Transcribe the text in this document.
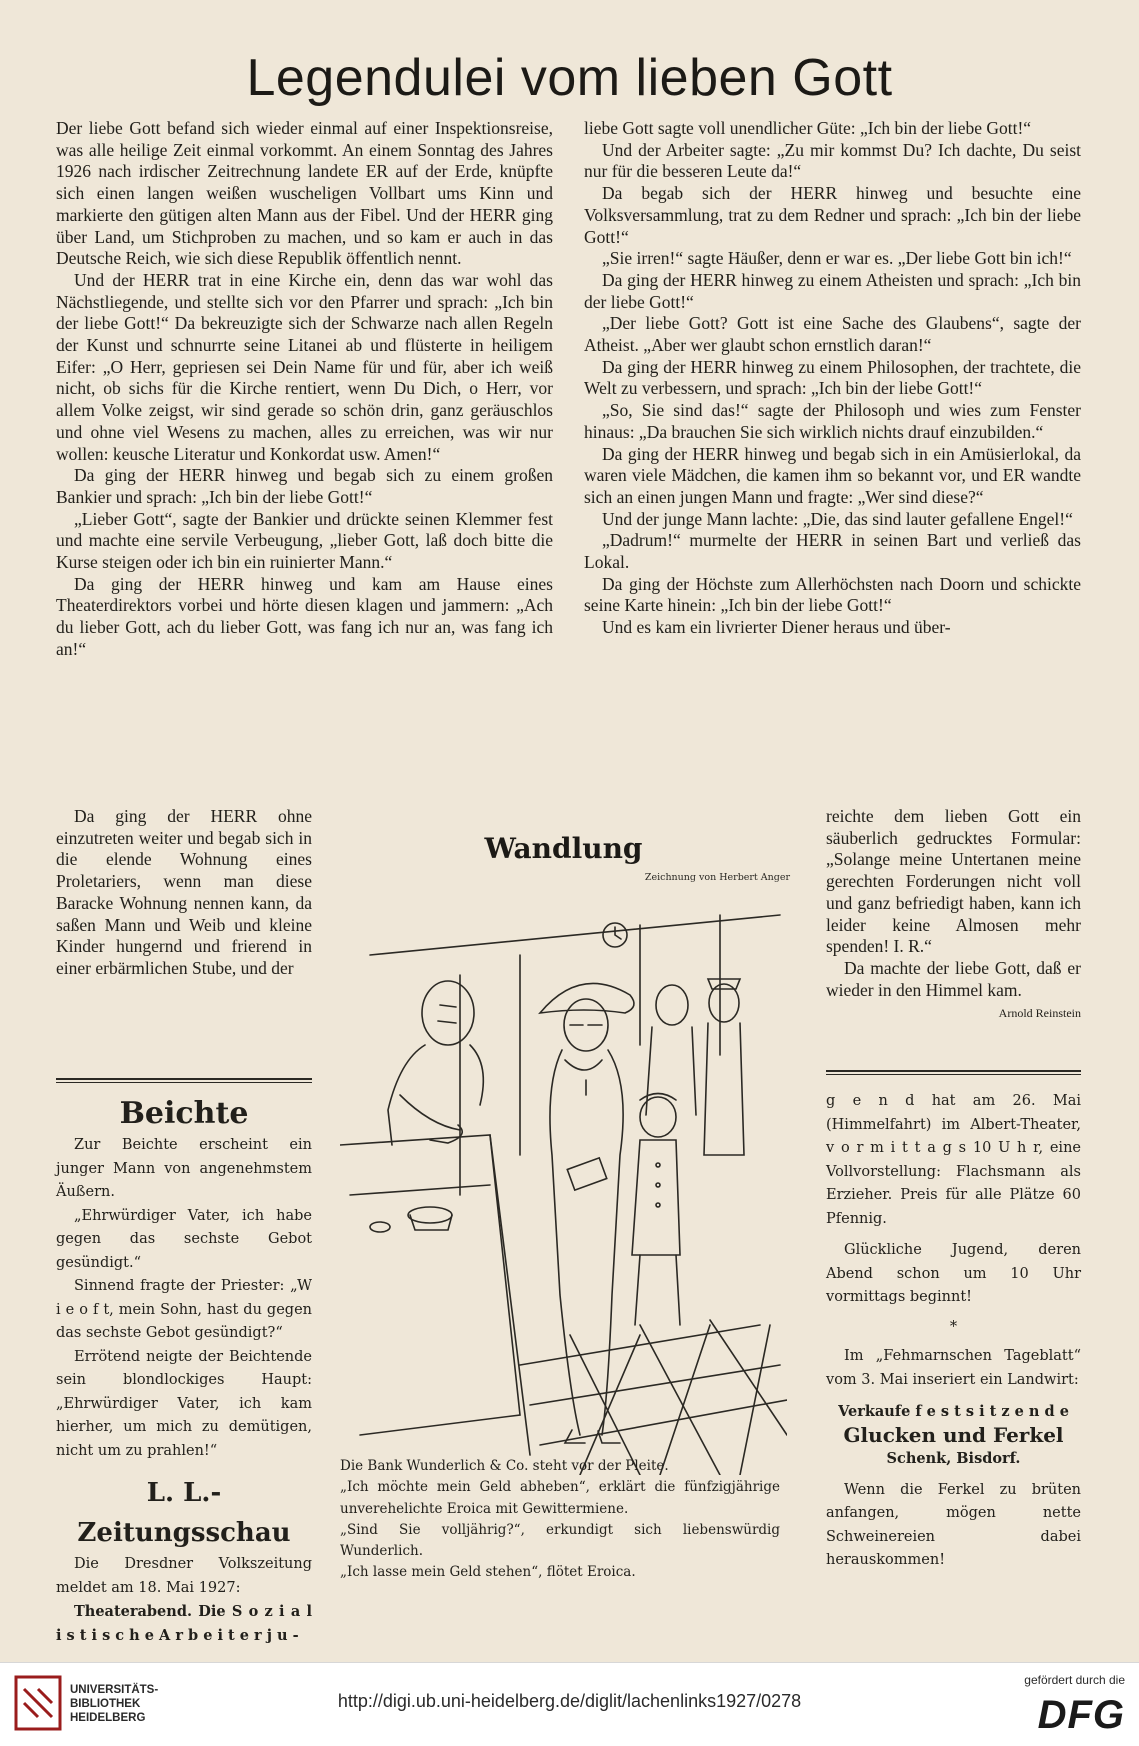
Legendulei vom lieben Gott

Der liebe Gott befand sich wieder einmal auf einer Inspektionsreise, was alle heilige Zeit einmal vorkommt. An einem Sonntag des Jahres 1926 nach irdischer Zeitrechnung landete ER auf der Erde, knüpfte sich einen langen weißen wuscheligen Vollbart ums Kinn und markierte den gütigen alten Mann aus der Fibel. Und der HERR ging über Land, um Stichproben zu machen, und so kam er auch in das Deutsche Reich, wie sich diese Republik öffentlich nennt.

Und der HERR trat in eine Kirche ein, denn das war wohl das Nächstliegende, und stellte sich vor den Pfarrer und sprach: „Ich bin der liebe Gott!“ Da bekreuzigte sich der Schwarze nach allen Regeln der Kunst und schnurrte seine Litanei ab und flüsterte in heiligem Eifer: „O Herr, gepriesen sei Dein Name für und für, aber ich weiß nicht, ob sichs für die Kirche rentiert, wenn Du Dich, o Herr, vor allem Volke zeigst, wir sind gerade so schön drin, ganz geräuschlos und ohne viel Wesens zu machen, alles zu erreichen, was wir nur wollen: keusche Literatur und Konkordat usw. Amen!“

Da ging der HERR hinweg und begab sich zu einem großen Bankier und sprach: „Ich bin der liebe Gott!“

„Lieber Gott“, sagte der Bankier und drückte seinen Klemmer fest und machte eine servile Verbeugung, „lieber Gott, laß doch bitte die Kurse steigen oder ich bin ein ruinierter Mann.“

Da ging der HERR hinweg und kam am Hause eines Theaterdirektors vorbei und hörte diesen klagen und jammern: „Ach du lieber Gott, ach du lieber Gott, was fang ich nur an, was fang ich an!“

Da ging der HERR ohne einzutreten weiter und begab sich in die elende Wohnung eines Proletariers, wenn man diese Baracke Wohnung nennen kann, da saßen Mann und Weib und kleine Kinder hungernd und frierend in einer erbärmlichen Stube, und der

liebe Gott sagte voll unendlicher Güte: „Ich bin der liebe Gott!“

Und der Arbeiter sagte: „Zu mir kommst Du? Ich dachte, Du seist nur für die besseren Leute da!“

Da begab sich der HERR hinweg und besuchte eine Volksversammlung, trat zu dem Redner und sprach: „Ich bin der liebe Gott!“

„Sie irren!“ sagte Häußer, denn er war es. „Der liebe Gott bin ich!“

Da ging der HERR hinweg zu einem Atheisten und sprach: „Ich bin der liebe Gott!“

„Der liebe Gott? Gott ist eine Sache des Glaubens“, sagte der Atheist. „Aber wer glaubt schon ernstlich daran!“

Da ging der HERR hinweg zu einem Philosophen, der trachtete, die Welt zu verbessern, und sprach: „Ich bin der liebe Gott!“

„So, Sie sind das!“ sagte der Philosoph und wies zum Fenster hinaus: „Da brauchen Sie sich wirklich nichts drauf einzubilden.“

Da ging der HERR hinweg und begab sich in ein Amüsierlokal, da waren viele Mädchen, die kamen ihm so bekannt vor, und ER wandte sich an einen jungen Mann und fragte: „Wer sind diese?“

Und der junge Mann lachte: „Die, das sind lauter gefallene Engel!“

„Dadrum!“ murmelte der HERR in seinen Bart und verließ das Lokal.

Da ging der Höchste zum Allerhöchsten nach Doorn und schickte seine Karte hinein: „Ich bin der liebe Gott!“

Und es kam ein livrierter Diener heraus und über-

reichte dem lieben Gott ein säuberlich gedrucktes Formular: „Solange meine Untertanen meine gerechten Forderungen nicht voll und ganz befriedigt haben, kann ich leider keine Almosen mehr spenden! I. R.“

Da machte der liebe Gott, daß er wieder in den Himmel kam.

Arnold Reinstein
Beichte

Zur Beichte erscheint ein junger Mann von angenehmstem Äußern.

„Ehrwürdiger Vater, ich habe gegen das sechste Gebot gesündigt.“

Sinnend fragte der Priester: „W i e o f t, mein Sohn, hast du gegen das sechste Gebot gesündigt?“

Errötend neigte der Beichtende sein blondlockiges Haupt: „Ehrwürdiger Vater, ich kam hierher, um mich zu demütigen, nicht um zu prahlen!“

L. L.-Zeitungsschau

Die Dresdner Volkszeitung meldet am 18. Mai 1927:

Theaterabend. Die S o z i a l i s t i s c h e A r b e i t e r j u -

g e n d hat am 26. Mai (Himmelfahrt) im Albert-Theater, v o r m i t t a g s 10 U h r, eine Vollvorstellung: Flachsmann als Erzieher. Preis für alle Plätze 60 Pfennig.

Glückliche Jugend, deren Abend schon um 10 Uhr vormittags beginnt!

*

Im „Fehmarnschen Tageblatt“ vom 3. Mai inseriert ein Landwirt:

Verkaufe f e s t s i t z e n d e

Glucken und Ferkel

Schenk, Bisdorf.

Wenn die Ferkel zu brüten anfangen, mögen nette Schweinereien dabei herauskommen!

Wandlung
Zeichnung von Herbert Anger

Die Bank Wunderlich & Co. steht vor der Pleite.

„Ich möchte mein Geld abheben“, erklärt die fünfzigjährige unverehelichte Eroica mit Gewittermiene.

„Sind Sie volljährig?“, erkundigt sich liebenswürdig Wunderlich.

„Ich lasse mein Geld stehen“, flötet Eroica.

UNIVERSITÄTS-
BIBLIOTHEK
HEIDELBERG
http://digi.ub.uni-heidelberg.de/diglit/lachenlinks1927/0278
gefördert durch die
DFG
